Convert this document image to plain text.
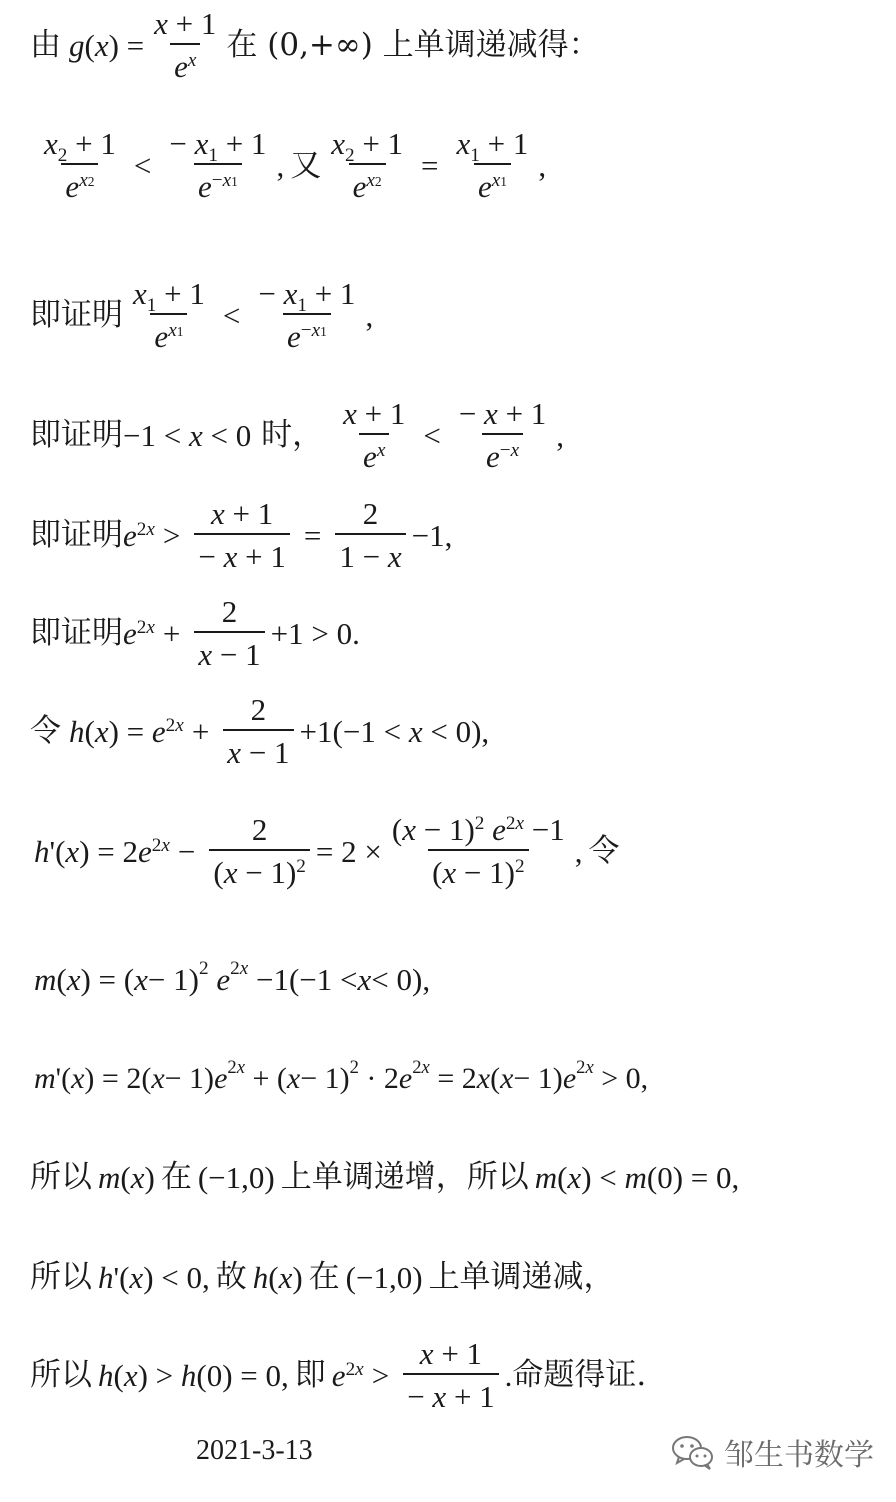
由 $g(x) = \frac{x + 1}{e^x}$ 在 (0,+∞) 上单调递减得：
$\frac{x_2 + 1}{e^{x2}} < \frac{- x_1 + 1}{e^{-x1}}$ , 又 $\frac{x_2 + 1}{e^{x2}} = \frac{x_1 + 1}{e^{x1}}$ ,
即证明 $\frac{x_1 + 1}{e^{x1}} < \frac{- x_1 + 1}{e^{-x1}}$ ,
即证明 −1 < x < 0 时， $\frac{x + 1}{e^x} < \frac{- x + 1}{e^{-x}}$ ,
即证明 $e^{2x} > \frac{x + 1}{- x + 1} = \frac{2}{1 - x} -1$,
即证明 $e^{2x} + \frac{2}{x - 1} +1 > 0$.
令 $h(x) = e^{2x} + \frac{2}{x - 1} +1(-1 < x < 0)$,
$h'(x) = 2e^{2x} - \frac{2}{(x - 1)^2} = 2 \times \frac{(x - 1)^2 e^{2x} -1}{(x - 1)^2}$ , 令
m ( x ) = ( x − 1) 2
e 2x −1(−1 < x < 0),
m '( x ) = 2( x − 1) e 2x + ( x − 1) 2 · 2 e 2x = 2 x ( x − 1) e 2x > 0,
所以 m(x) 在 (−1,0) 上单调递增，所以 m(x) < m(0) = 0,
所以 h'(x) < 0, 故 h(x) 在 (−1,0) 上单调递减，
所以 h(x) > h(0) = 0, 即 $e^{2x} > \frac{x + 1}{- x + 1}$ . 命题得证.
2021-3-13	邹生书数学
